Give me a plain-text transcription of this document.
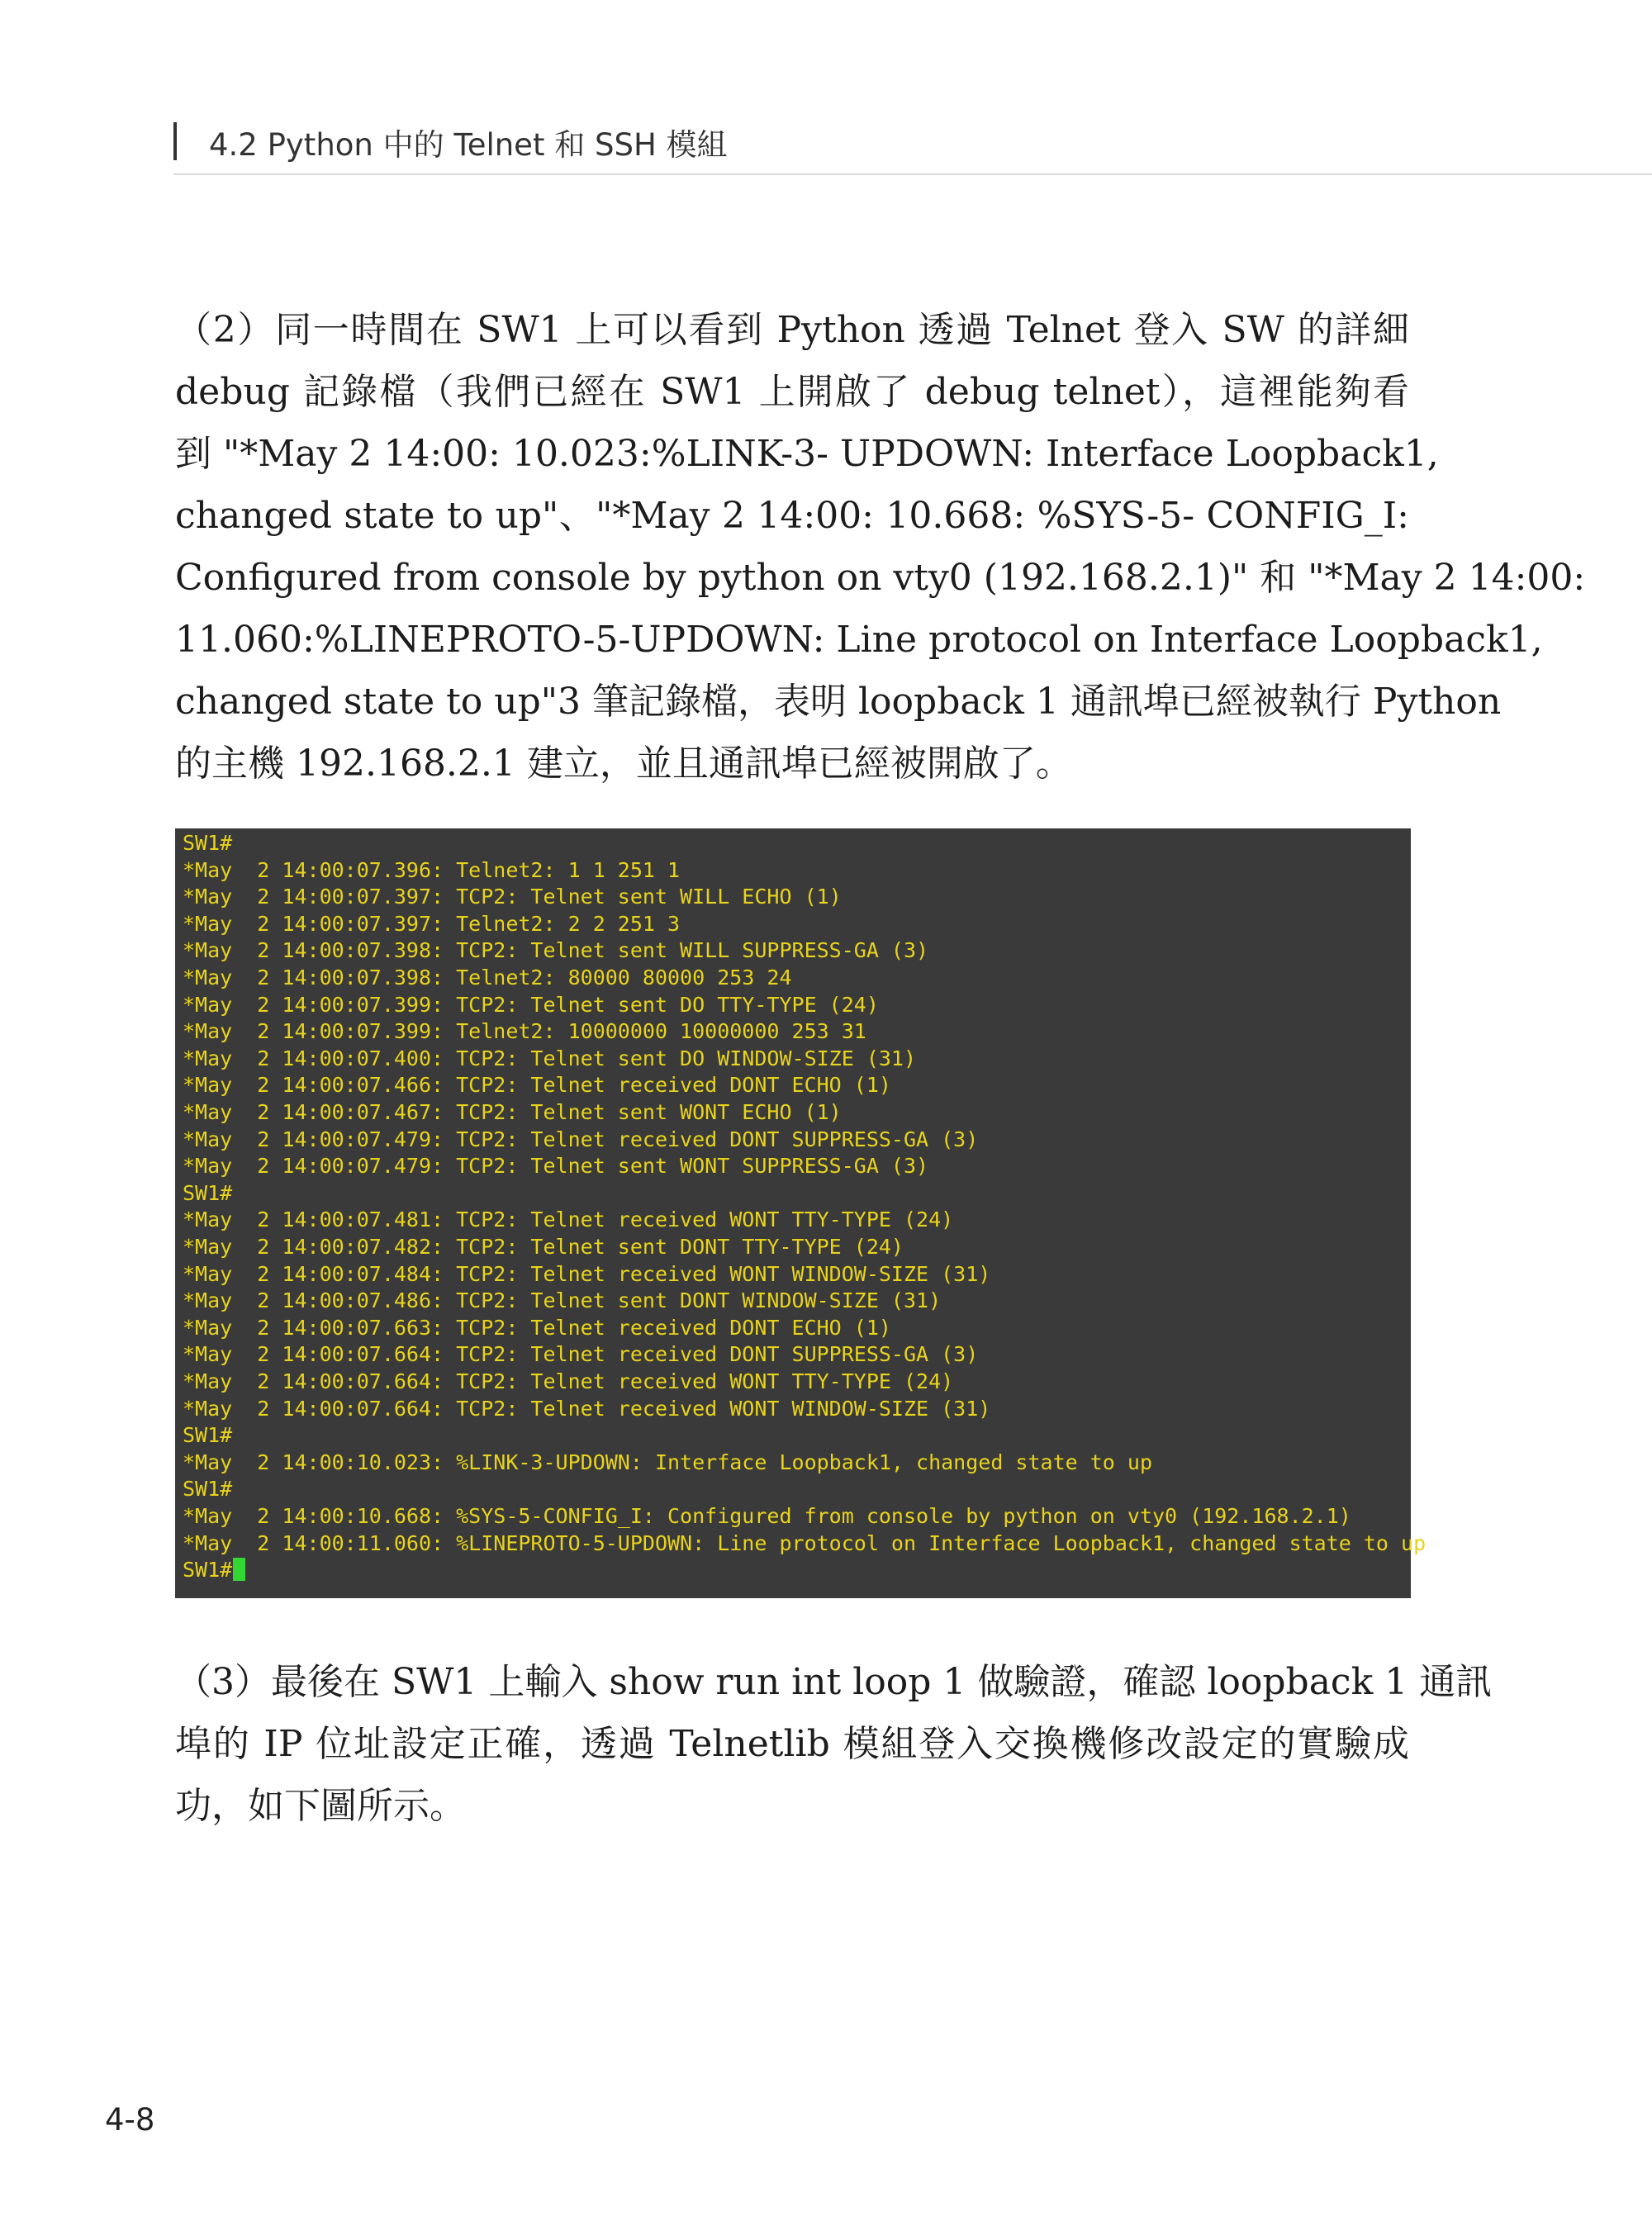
4.2 Python 中的 Telnet 和 SSH 模組
（2）同一時間在 SW1 上可以看到 Python 透過 Telnet 登入 SW 的詳細
debug 記錄檔（我們已經在 SW1 上開啟了 debug telnet），這裡能夠看
到 "*May 2 14:00: 10.023:%LINK-3- UPDOWN: Interface Loopback1,
changed state to up"、"*May 2 14:00: 10.668: %SYS-5- CONFIG_I:
Configured from console by python on vty0 (192.168.2.1)" 和 "*May 2 14:00:
11.060:%LINEPROTO-5-UPDOWN: Line protocol on Interface Loopback1,
changed state to up"3 筆記錄檔，表明 loopback 1 通訊埠已經被執行 Python
的主機 192.168.2.1 建立，並且通訊埠已經被開啟了。
SW1#
*May  2 14:00:07.396: Telnet2: 1 1 251 1
*May  2 14:00:07.397: TCP2: Telnet sent WILL ECHO (1)
*May  2 14:00:07.397: Telnet2: 2 2 251 3
*May  2 14:00:07.398: TCP2: Telnet sent WILL SUPPRESS-GA (3)
*May  2 14:00:07.398: Telnet2: 80000 80000 253 24
*May  2 14:00:07.399: TCP2: Telnet sent DO TTY-TYPE (24)
*May  2 14:00:07.399: Telnet2: 10000000 10000000 253 31
*May  2 14:00:07.400: TCP2: Telnet sent DO WINDOW-SIZE (31)
*May  2 14:00:07.466: TCP2: Telnet received DONT ECHO (1)
*May  2 14:00:07.467: TCP2: Telnet sent WONT ECHO (1)
*May  2 14:00:07.479: TCP2: Telnet received DONT SUPPRESS-GA (3)
*May  2 14:00:07.479: TCP2: Telnet sent WONT SUPPRESS-GA (3)
SW1#
*May  2 14:00:07.481: TCP2: Telnet received WONT TTY-TYPE (24)
*May  2 14:00:07.482: TCP2: Telnet sent DONT TTY-TYPE (24)
*May  2 14:00:07.484: TCP2: Telnet received WONT WINDOW-SIZE (31)
*May  2 14:00:07.486: TCP2: Telnet sent DONT WINDOW-SIZE (31)
*May  2 14:00:07.663: TCP2: Telnet received DONT ECHO (1)
*May  2 14:00:07.664: TCP2: Telnet received DONT SUPPRESS-GA (3)
*May  2 14:00:07.664: TCP2: Telnet received WONT TTY-TYPE (24)
*May  2 14:00:07.664: TCP2: Telnet received WONT WINDOW-SIZE (31)
SW1#
*May  2 14:00:10.023: %LINK-3-UPDOWN: Interface Loopback1, changed state to up
SW1#
*May  2 14:00:10.668: %SYS-5-CONFIG_I: Configured from console by python on vty0 (192.168.2.1)
*May  2 14:00:11.060: %LINEPROTO-5-UPDOWN: Line protocol on Interface Loopback1, changed state to up
SW1#
（3）最後在 SW1 上輸入 show run int loop 1 做驗證，確認 loopback 1 通訊
埠的 IP 位址設定正確，透過 Telnetlib 模組登入交換機修改設定的實驗成
功，如下圖所示。
4-8
